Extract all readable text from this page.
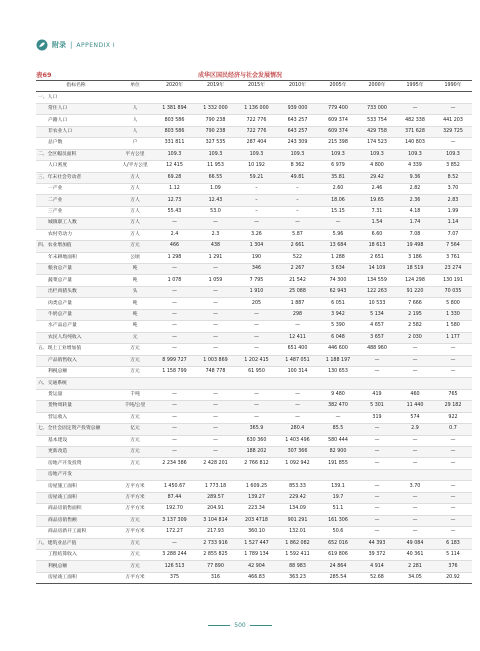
附录 | APPENDIX I
表69	成华区国民经济与社会发展情况
指标名称	单位	2020年	2019年	2015年	2010年	2005年	2000年	1995年	1990年
一、人口									
常住人口	人	1 381 894	1 332 000	1 136 000	939 000	779 400	733 000	—	—
户籍人口	人	803 586	790 238	722 776	643 257	609 374	533 754	482 338	441 203
非农业人口	人	803 586	790 238	722 776	643 257	609 374	429 758	371 628	329 725
总户数	户	331 811	327 535	287 404	243 309	215 398	174 523	140 803	—
二、全区幅员面积	平方公里	109.3	109.3	109.3	109.3	109.3	109.3	109.3	109.3
人口密度	人/平方公里	12 415	11 953	10 192	8 362	6 979	4 800	4 339	3 852
三、年末社会劳动者	万人	69.28	66.55	59.21	49.81	35.81	29.42	9.36	8.52
一产业	万人	1.12	1.09	–	–	2.60	2.46	2.82	3.70
二产业	万人	12.73	12.43	–	–	18.06	19.65	2.36	2.83
三产业	万人	55.43	53.0	–	–	15.15	7.31	4.18	1.99
城镇职工人数	万人	—	—	—	—	—	1.54	1.74	1.14
农村劳动力	万人	2.4	2.3	3.26	5.87	5.96	6.60	7.08	7.07
四、农业增加值	万元	466	438	1 304	2 661	13 684	18 613	19 498	7 564
年末耕地面积	公顷	1 298	1 291	190	522	1 288	2 651	3 186	3 761
粮食总产量	吨	—	—	346	2 267	3 634	14 109	18 519	23 274
蔬菜总产量	吨	1 078	1 059	7 795	21 542	74 300	134 559	124 298	130 191
出栏肉猪头数	头	—	—	1 910	25 088	62 943	122 263	91 220	70 035
肉类总产量	吨	—	—	205	1 887	6 051	10 533	7 666	5 800
牛奶总产量	吨	—	—	—	298	3 942	5 134	2 195	1 330
水产品总产量	吨	—	—	—	—	5 390	4 657	2 582	1 580
农民人均纯收入	元	—	—	—	12 411	6 048	3 657	2 030	1 177
五、现上工业增加值	万元	—	—	—	651 400	446 600	488 960	—	—
产品销售收入	万元	8 999 727	1 003 869	1 202 415	1 487 051	1 188 197	—	—	—
利税总额	万元	1 158 799	748 778	61 950	100 314	130 653	—	—	—
六、交通系统									
货运量	千吨	—	—	—	—	9 480	419	460	765
货物周转量	千吨/公里	—	—	—	—	382 470	5 301	11 440	29 182
营运收入	万元	—	—	—	—	—	319	574	922
七、全社会固定资产投资总额	亿元	—	—	365.9	280.4	85.5	—	2.9	0.7
基本建设	万元	—	—	630 360	1 403 496	580 444	—	—	—
更新改造	万元	—	—	188 202	307 366	82 900	—	—	—
房地产开发投资	万元	2 234 386	2 428 201	2 766 812	1 092 942	191 855	—	—	—
房地产开发									
房屋施工面积	万平方米	1 450.67	1 773.18	1 609.25	853.33	139.1	—	3.70	—
房屋竣工面积	万平方米	87.44	289.57	139.27	229.42	19.7	—	—	—
商品房销售面积	万平方米	192.70	204.91	223.34	134.09	51.1	—	—	—
商品房销售额	万元	3 137 309	3 104 814	203 4718	901 291	161 306	—	—	—
商品房新开工面积	万平方米	172.27	217.93	360.10	132.01	50.6	—	—	—
八、建筑业总产值	万元	—	2 733 916	1 527 447	1 862 082	652 016	44 393	49 084	6 183
工程结算收入	万元	3 288 244	2 855 825	1 789 134	1 592 411	619 806	39 372	40 361	5 114
利税总额	万元	126 513	77 890	42 904	88 983	24 864	4 914	2 281	376
房屋竣工面积	万平方米	375	316	466.83	363.23	285.54	52.68	34.05	20.92
500
